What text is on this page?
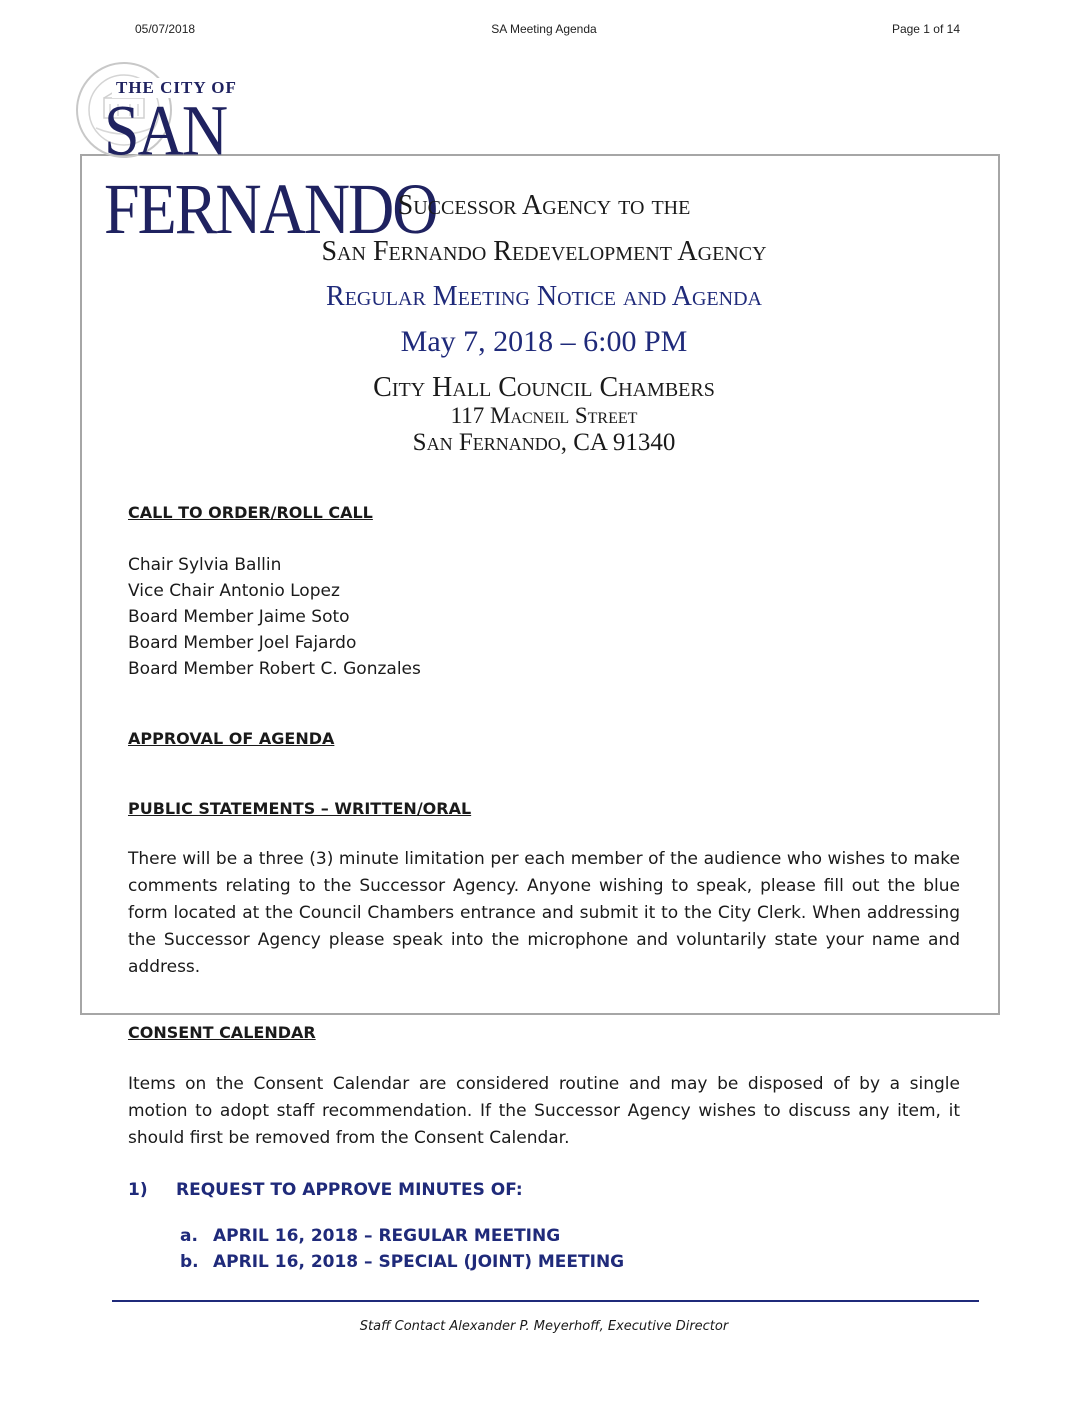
05/07/2018	SA Meeting Agenda	Page 1 of 14
THE CITY OF
SAN FERNANDO
Successor Agency to the
San Fernando Redevelopment Agency
Regular Meeting Notice and Agenda
May 7, 2018 – 6:00 PM
City Hall Council Chambers
117 Macneil Street
San Fernando, CA 91340
CALL TO ORDER/ROLL CALL
Chair Sylvia Ballin
Vice Chair Antonio Lopez
Board Member Jaime Soto
Board Member Joel Fajardo
Board Member Robert C. Gonzales
APPROVAL OF AGENDA
PUBLIC STATEMENTS – WRITTEN/ORAL
There will be a three (3) minute limitation per each member of the audience who wishes to make comments relating to the Successor Agency. Anyone wishing to speak, please fill out the blue form located at the Council Chambers entrance and submit it to the City Clerk. When addressing the Successor Agency please speak into the microphone and voluntarily state your name and address.
CONSENT CALENDAR
Items on the Consent Calendar are considered routine and may be disposed of by a single motion to adopt staff recommendation. If the Successor Agency wishes to discuss any item, it should first be removed from the Consent Calendar.
1) REQUEST TO APPROVE MINUTES OF:
a. APRIL 16, 2018 – REGULAR MEETING
b. APRIL 16, 2018 – SPECIAL (JOINT) MEETING
Staff Contact Alexander P. Meyerhoff, Executive Director
